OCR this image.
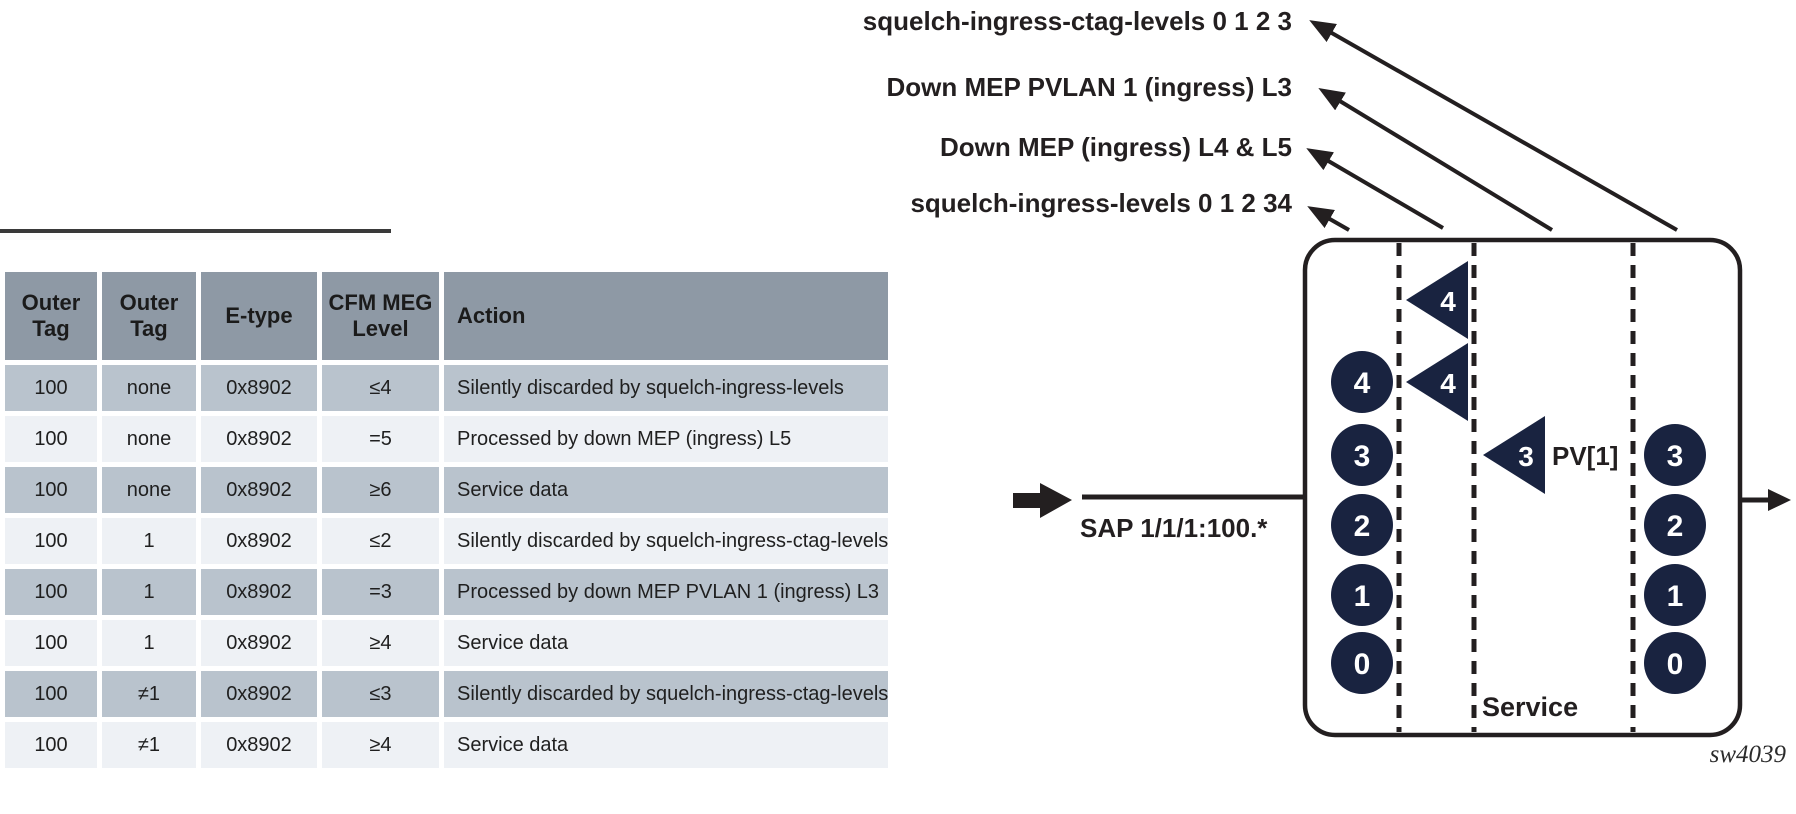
Outer Tag	Outer Tag	E-type	CFM MEG Level	Action
100	none	0x8902	≤4	Silently discarded by squelch-ingress-levels
100	none	0x8902	=5	Processed by down MEP (ingress) L5
100	none	0x8902	≥6	Service data
100	1	0x8902	≤2	Silently discarded by squelch-ingress-ctag-levels
100	1	0x8902	=3	Processed by down MEP PVLAN 1 (ingress) L3
100	1	0x8902	≥4	Service data
100	≠1	0x8902	≤3	Silently discarded by squelch-ingress-ctag-levels
100	≠1	0x8902	≥4	Service data
squelch-ingress-ctag-levels 0 1 2 3
Down MEP PVLAN 1 (ingress) L3
Down MEP (ingress) L4 & L5
squelch-ingress-levels 0 1 2 34
SAP 1/1/1:100.*
4
3
2
1
0
3
2
1
0
4
4
3 PV[1]
Service
sw4039
